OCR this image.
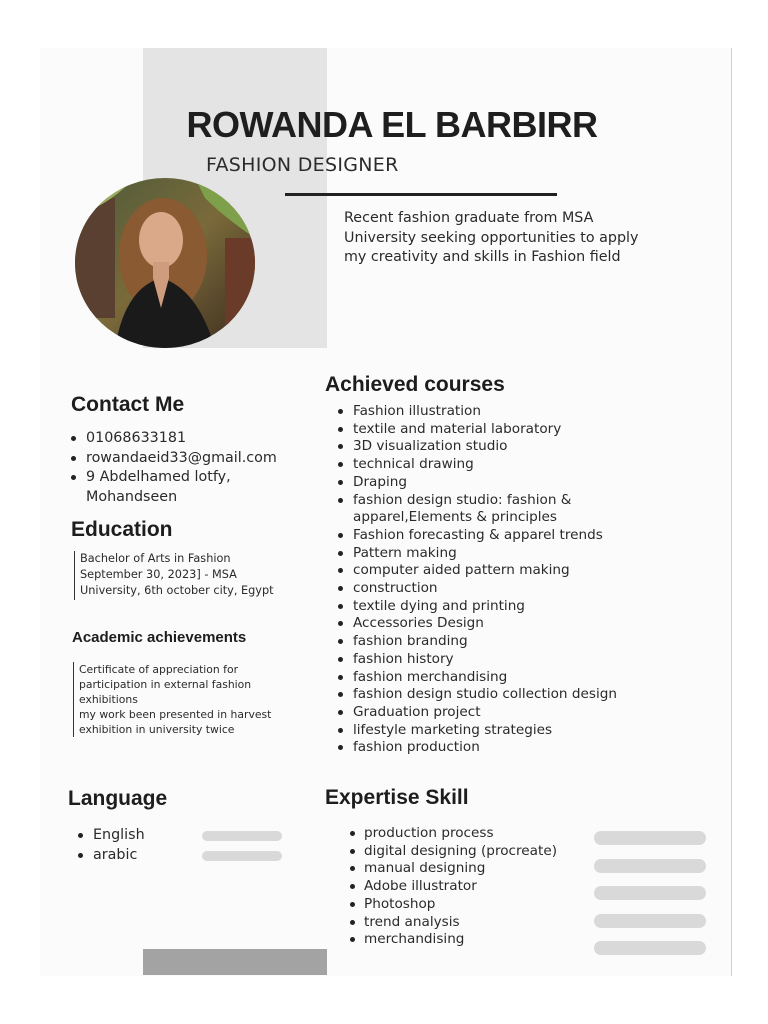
ROWANDA EL BARBIRR
FASHION DESIGNER
Recent fashion graduate from MSA University seeking opportunities to apply my creativity and skills in Fashion field
Contact Me
01068633181
rowandaeid33@gmail.com
9 Abdelhamed lotfy,
Mohandseen
Education
Bachelor of Arts in Fashion
September 30, 2023] - MSA
University, 6th october city, Egypt
Academic achievements
Certificate of appreciation for
participation in external fashion
exhibitions
my work been presented in harvest
exhibition in university twice
Achieved courses
Fashion illustration
textile and material laboratory
3D visualization studio
technical drawing
Draping
fashion design studio: fashion &
apparel,Elements & principles
Fashion forecasting & apparel trends
Pattern making
computer aided pattern making
construction
textile dying and printing
Accessories Design
fashion branding
fashion history
fashion merchandising
fashion design studio collection design
Graduation project
lifestyle marketing strategies
fashion production
Language
English
arabic
Expertise Skill
production process
digital designing (procreate)
manual designing
Adobe illustrator
Photoshop
trend analysis
merchandising
